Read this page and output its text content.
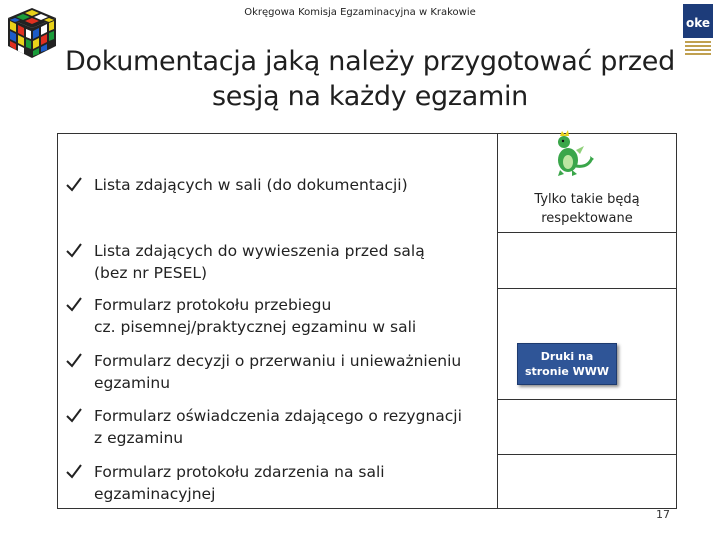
Okręgowa Komisja Egzaminacyjna w Krakowie
oke
Dokumentacja jaką należy przygotować przed
sesją na każdy egzamin
Lista zdających w sali (do dokumentacji)
Lista zdających do wywieszenia przed salą
(bez nr PESEL)
Formularz protokołu przebiegu
cz. pisemnej/praktycznej egzaminu w sali
Formularz decyzji o przerwaniu i unieważnieniu
egzaminu
Formularz oświadczenia zdającego o rezygnacji
z egzaminu
Formularz protokołu zdarzenia na sali
egzaminacyjnej
Tylko takie będą
respektowane
Druki na
stronie WWW
17
